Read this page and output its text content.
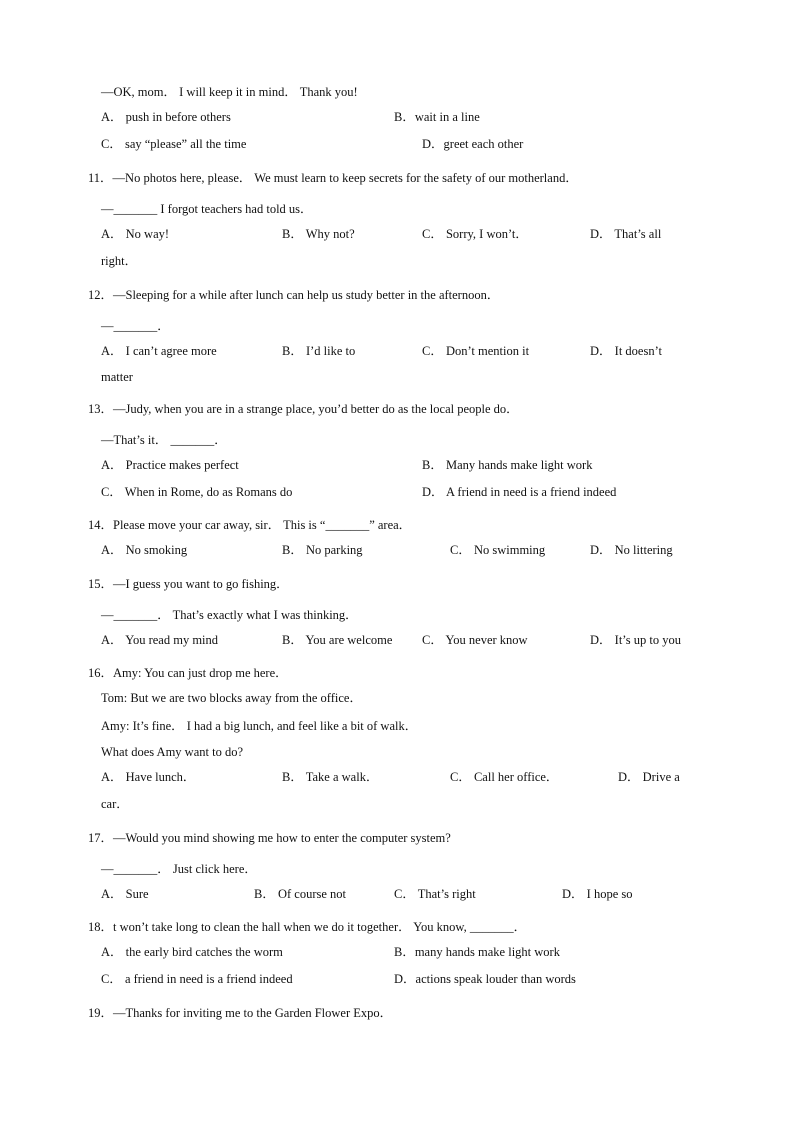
—OK, mom． I will keep it in mind． Thank you!
A． push in before others	B．wait in a line
C． say “please” all the time	D．greet each other
11．—No photos here, please． We must learn to keep secrets for the safety of our motherland．
—_______ I forgot teachers had told us．
A． No way!	B． Why not?	C． Sorry, I won’t．	D． That’s all
right．
12．—Sleeping for a while after lunch can help us study better in the afternoon．
—_______．
A． I can’t agree more	B． I’d like to	C． Don’t mention it	D． It doesn’t
matter
13．—Judy, when you are in a strange place, you’d better do as the local people do．
—That’s it． _______．
A． Practice makes perfect	B． Many hands make light work
C． When in Rome, do as Romans do	D． A friend in need is a friend indeed
14．Please move your car away, sir． This is “_______” area．
A． No smoking	B． No parking	C． No swimming	D． No littering
15．—I guess you want to go fishing．
—_______． That’s exactly what I was thinking．
A． You read my mind	B． You are welcome C． You never know	D． It’s up to you
16．Amy: You can just drop me here．
Tom: But we are two blocks away from the office．
Amy: It’s fine． I had a big lunch, and feel like a bit of walk．
What does Amy want to do?
A． Have lunch．	B． Take a walk．	C． Call her office．	D． Drive a
car．
17．—Would you mind showing me how to enter the computer system?
—_______． Just click here．
A． Sure	B． Of course not	C． That’s right	D． I hope so
18．t won’t take long to clean the hall when we do it together． You know, _______．
A． the early bird catches the worm	B．many hands make light work
C． a friend in need is a friend indeed	D．actions speak louder than words
19．—Thanks for inviting me to the Garden Flower Expo．
